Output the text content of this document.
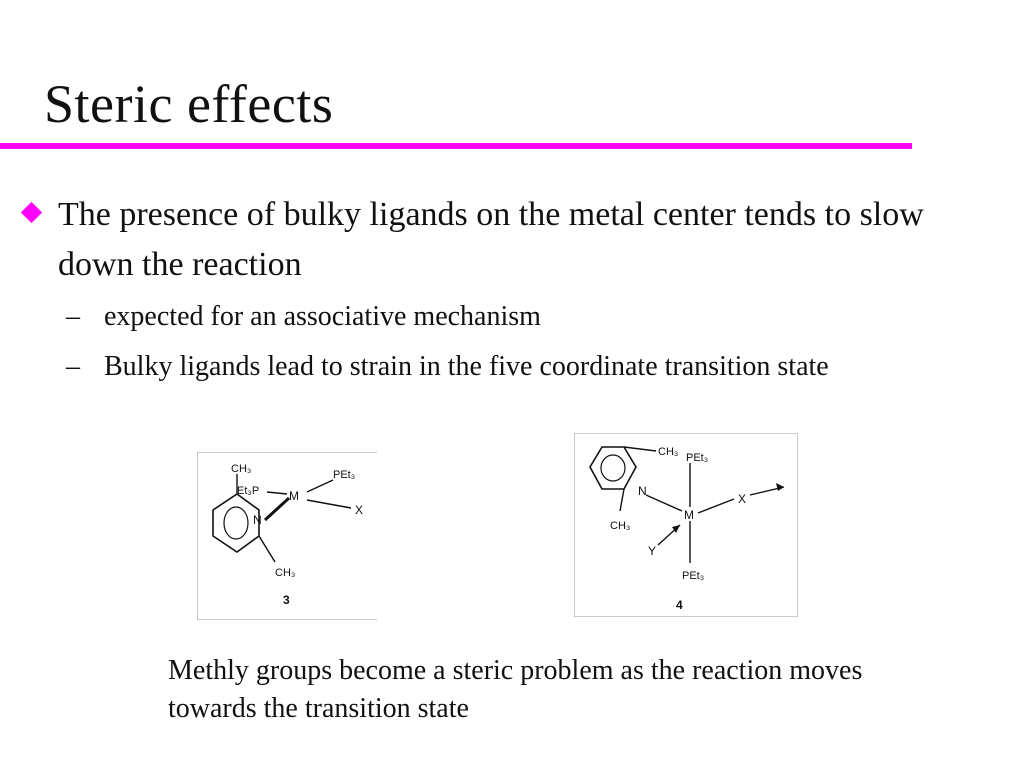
Steric effects
The presence of bulky ligands on the metal center tends to slow down the reaction
– expected for an associative mechanism
– Bulky ligands lead to strain in the five coordinate transition state
CH₃
Et₃P M
PEt₃
N
X
CH₃
3
CH₃ PEt₃
N
M
X
CH₃
Y
PEt₃
4
Methly groups become a steric problem as the reaction moves towards the transition state
